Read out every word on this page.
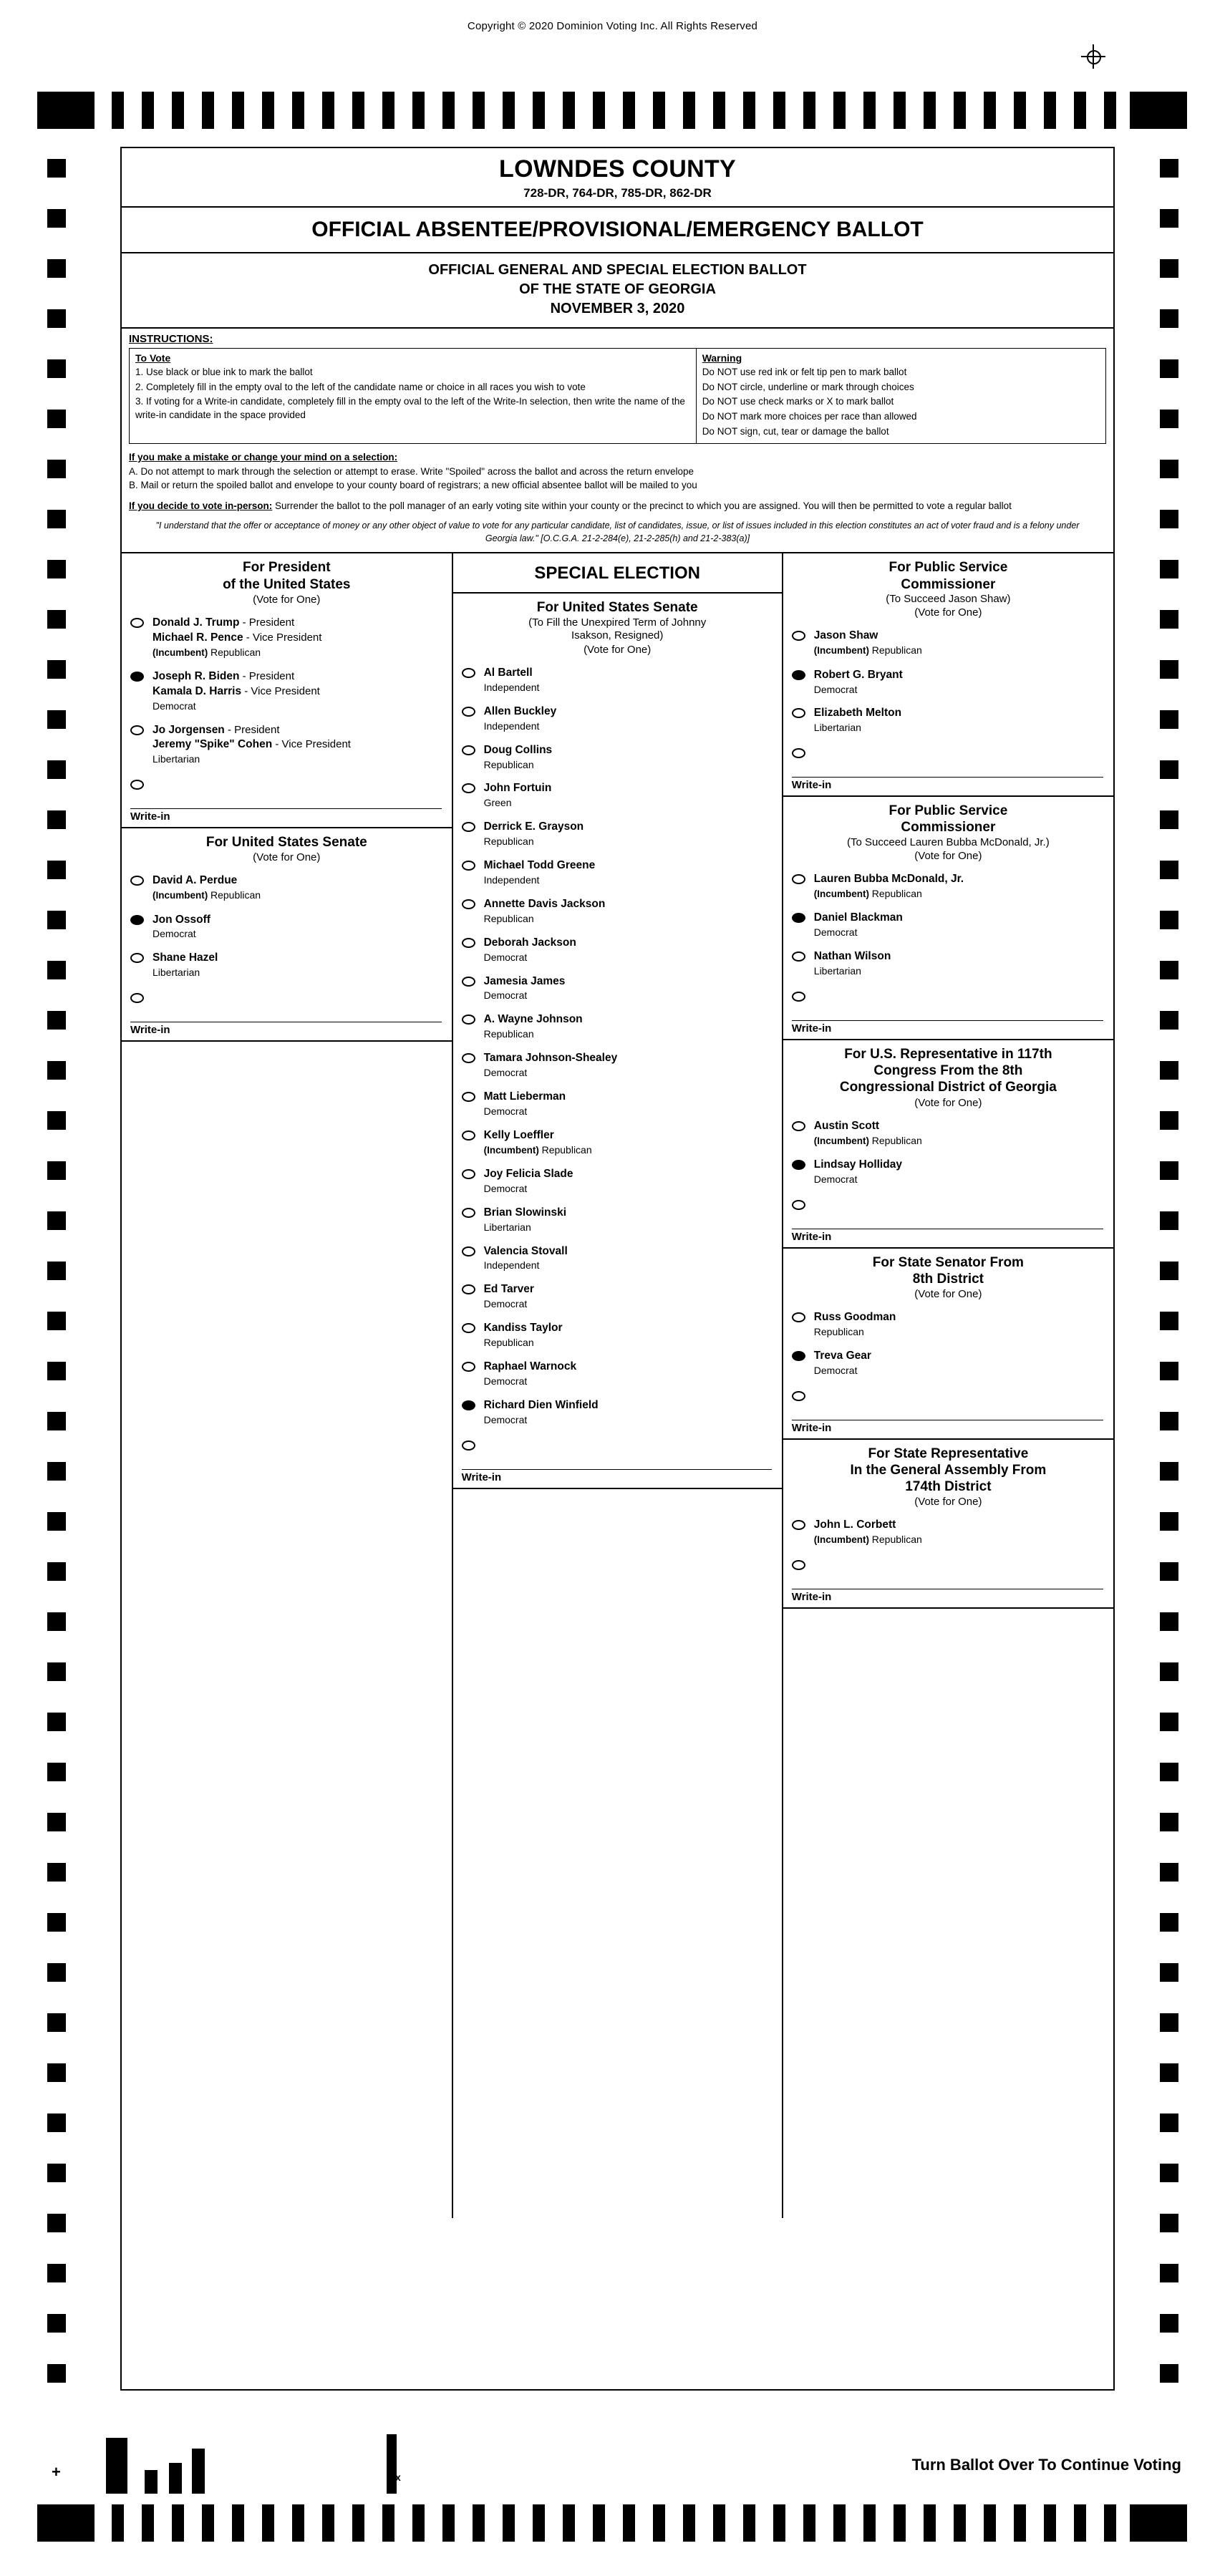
Copyright © 2020 Dominion Voting Inc. All Rights Reserved
+	x
Turn Ballot Over To Continue Voting
LOWNDES COUNTY
728-DR, 764-DR, 785-DR, 862-DR
OFFICIAL ABSENTEE/PROVISIONAL/EMERGENCY BALLOT
OFFICIAL GENERAL AND SPECIAL ELECTION BALLOT
OF THE STATE OF GEORGIA
NOVEMBER 3, 2020
INSTRUCTIONS:
To Vote
1. Use black or blue ink to mark the ballot
2. Completely fill in the empty oval to the left of the candidate name or choice in all races you wish to vote
3. If voting for a Write-in candidate, completely fill in the empty oval to the left of the Write-In selection, then write the name of the write-in candidate in the space provided
Warning
Do NOT use red ink or felt tip pen to mark ballot
Do NOT circle, underline or mark through choices
Do NOT use check marks or X to mark ballot
Do NOT mark more choices per race than allowed
Do NOT sign, cut, tear or damage the ballot
If you make a mistake or change your mind on a selection:
A. Do not attempt to mark through the selection or attempt to erase. Write "Spoiled" across the ballot and across the return envelope
B. Mail or return the spoiled ballot and envelope to your county board of registrars; a new official absentee ballot will be mailed to you
If you decide to vote in-person: Surrender the ballot to the poll manager of an early voting site within your county or the precinct to which you are assigned. You will then be permitted to vote a regular ballot
"I understand that the offer or acceptance of money or any other object of value to vote for any particular candidate, list of candidates, issue, or list of issues included in this election constitutes an act of voter fraud and is a felony under Georgia law." [O.C.G.A. 21-2-284(e), 21-2-285(h) and 21-2-383(a)]
For President
of the United States
(Vote for One)
Donald J. Trump - President
Michael R. Pence - Vice President
(Incumbent) Republican
Joseph R. Biden - President
Kamala D. Harris - Vice President
Democrat
Jo Jorgensen - President
Jeremy "Spike" Cohen - Vice President
Libertarian
Write-in
For United States Senate
(Vote for One)
David A. Perdue
(Incumbent) Republican
Jon Ossoff
Democrat
Shane Hazel
Libertarian
Write-in
SPECIAL ELECTION
For United States Senate
(To Fill the Unexpired Term of Johnny
Isakson, Resigned)
(Vote for One)
Al Bartell
Independent
Allen Buckley
Independent
Doug Collins
Republican
John Fortuin
Green
Derrick E. Grayson
Republican
Michael Todd Greene
Independent
Annette Davis Jackson
Republican
Deborah Jackson
Democrat
Jamesia James
Democrat
A. Wayne Johnson
Republican
Tamara Johnson-Shealey
Democrat
Matt Lieberman
Democrat
Kelly Loeffler
(Incumbent) Republican
Joy Felicia Slade
Democrat
Brian Slowinski
Libertarian
Valencia Stovall
Independent
Ed Tarver
Democrat
Kandiss Taylor
Republican
Raphael Warnock
Democrat
Richard Dien Winfield
Democrat
Write-in
For Public Service
Commissioner
(To Succeed Jason Shaw)
(Vote for One)
Jason Shaw
(Incumbent) Republican
Robert G. Bryant
Democrat
Elizabeth Melton
Libertarian
Write-in
For Public Service
Commissioner
(To Succeed Lauren Bubba McDonald, Jr.)
(Vote for One)
Lauren Bubba McDonald, Jr.
(Incumbent) Republican
Daniel Blackman
Democrat
Nathan Wilson
Libertarian
Write-in
For U.S. Representative in 117th
Congress From the 8th
Congressional District of Georgia
(Vote for One)
Austin Scott
(Incumbent) Republican
Lindsay Holliday
Democrat
Write-in
For State Senator From
8th District
(Vote for One)
Russ Goodman
Republican
Treva Gear
Democrat
Write-in
For State Representative
In the General Assembly From
174th District
(Vote for One)
John L. Corbett
(Incumbent) Republican
Write-in
